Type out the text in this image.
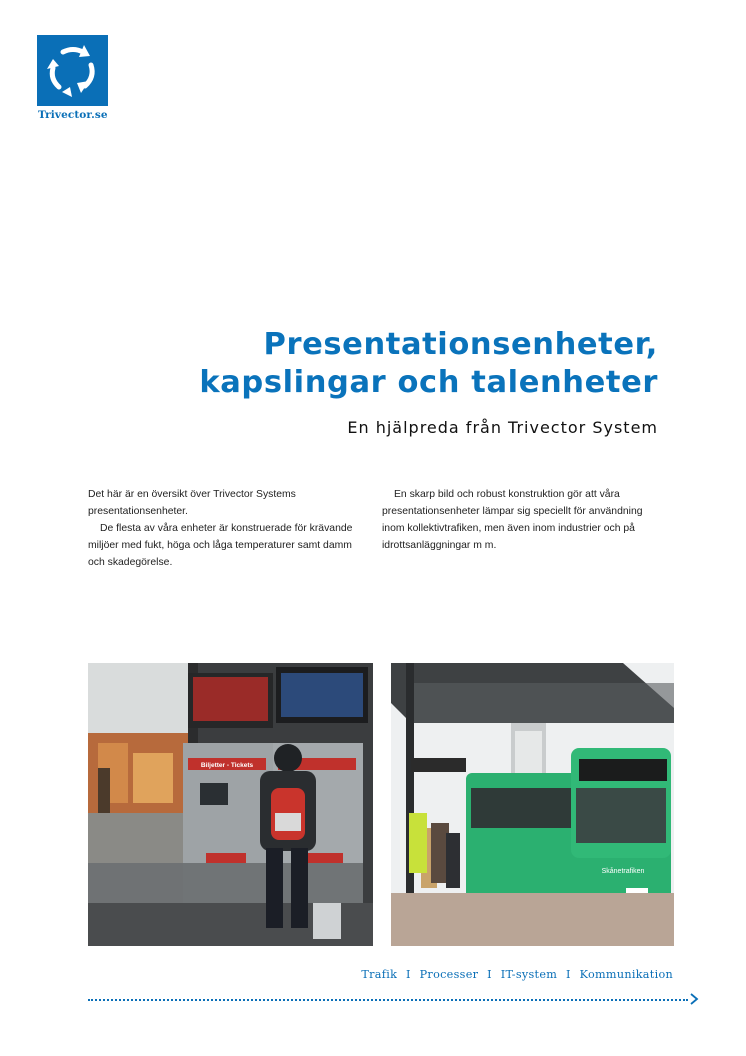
Trivector.se
Presentationsenheter,
kapslingar och talenheter
En hjälpreda från Trivector System

Det här är en översikt över Trivector Systems presentationsenheter.

De flesta av våra enheter är konstruerade för krävande miljöer med fukt, höga och låga temperaturer samt damm och skadegörelse.

En skarp bild och robust konstruktion gör att våra presentationsenheter lämpar sig speciellt för användning inom kollektivtrafiken, men även inom industrier och på idrottsanläggningar m m.

Biljetter - Tickets
Skånetrafiken
Trafik I Processer I IT-system I Kommunikation
